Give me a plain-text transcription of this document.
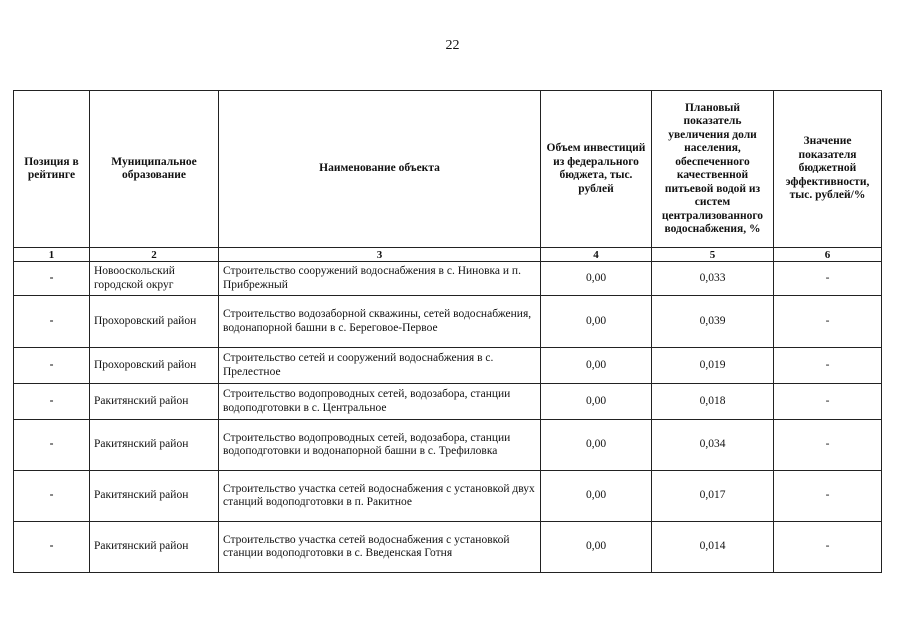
22
Позиция в рейтинге	Муниципальное образование	Наименование объекта	Объем инвестиций из федерального бюджета, тыс. рублей	Плановый показатель увеличения доли населения, обеспеченного качественной питьевой водой из систем централизованного водоснабжения, %	Значение показателя бюджетной эффективности, тыс. рублей/%
1	2	3	4	5	6
-	Новооскольский городской округ	Строительство сооружений водоснабжения в с. Ниновка и п. Прибрежный	0,00	0,033	-
-	Прохоровский район	Строительство водозаборной скважины, сетей водоснабжения, водонапорной башни в с. Береговое-Первое	0,00	0,039	-
-	Прохоровский район	Строительство сетей и сооружений водоснабжения в с. Прелестное	0,00	0,019	-
-	Ракитянский район	Строительство водопроводных сетей, водозабора, станции водоподготовки в с. Центральное	0,00	0,018	-
-	Ракитянский район	Строительство водопроводных сетей, водозабора, станции водоподготовки и водонапорной башни в с. Трефиловка	0,00	0,034	-
-	Ракитянский район	Строительство участка сетей водоснабжения с установкой двух станций водоподготовки в п. Ракитное	0,00	0,017	-
-	Ракитянский район	Строительство участка сетей водоснабжения с установкой станции водоподготовки в с. Введенская Готня	0,00	0,014	-
